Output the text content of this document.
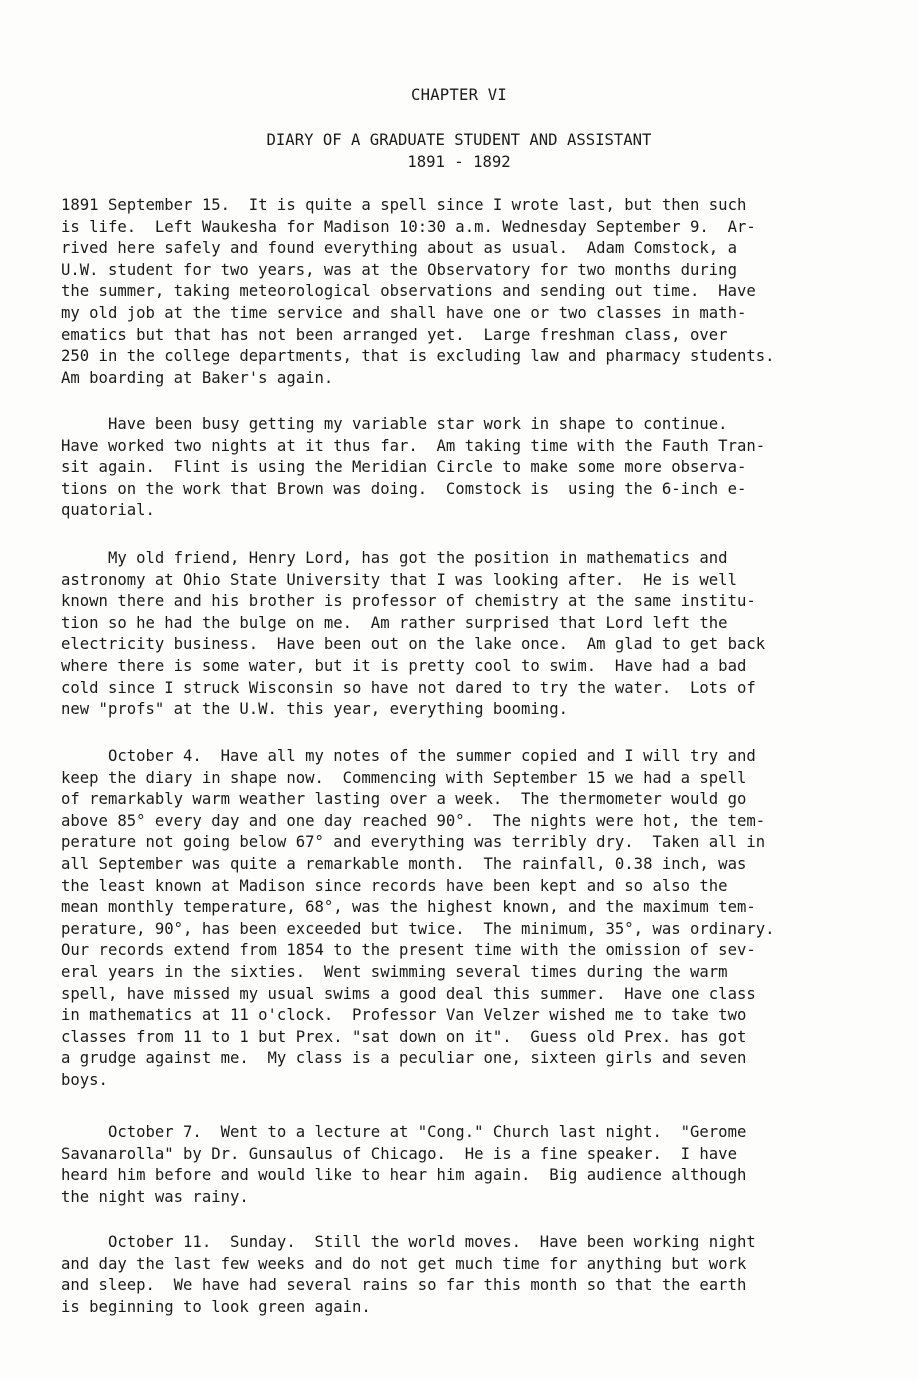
CHAPTER VI
DIARY OF A GRADUATE STUDENT AND ASSISTANT
1891 - 1892
1891 September 15.  It is quite a spell since I wrote last, but then such
is life.  Left Waukesha for Madison 10:30 a.m. Wednesday September 9.  Ar-
rived here safely and found everything about as usual.  Adam Comstock, a
U.W. student for two years, was at the Observatory for two months during
the summer, taking meteorological observations and sending out time.  Have
my old job at the time service and shall have one or two classes in math-
ematics but that has not been arranged yet.  Large freshman class, over
250 in the college departments, that is excluding law and pharmacy students.
Am boarding at Baker's again.
Have been busy getting my variable star work in shape to continue.
Have worked two nights at it thus far.  Am taking time with the Fauth Tran-
sit again.  Flint is using the Meridian Circle to make some more observa-
tions on the work that Brown was doing.  Comstock is  using the 6-inch e-
quatorial.
My old friend, Henry Lord, has got the position in mathematics and
astronomy at Ohio State University that I was looking after.  He is well
known there and his brother is professor of chemistry at the same institu-
tion so he had the bulge on me.  Am rather surprised that Lord left the
electricity business.  Have been out on the lake once.  Am glad to get back
where there is some water, but it is pretty cool to swim.  Have had a bad
cold since I struck Wisconsin so have not dared to try the water.  Lots of
new "profs" at the U.W. this year, everything booming.
October 4.  Have all my notes of the summer copied and I will try and
keep the diary in shape now.  Commencing with September 15 we had a spell
of remarkably warm weather lasting over a week.  The thermometer would go
above 85° every day and one day reached 90°.  The nights were hot, the tem-
perature not going below 67° and everything was terribly dry.  Taken all in
all September was quite a remarkable month.  The rainfall, 0.38 inch, was
the least known at Madison since records have been kept and so also the
mean monthly temperature, 68°, was the highest known, and the maximum tem-
perature, 90°, has been exceeded but twice.  The minimum, 35°, was ordinary.
Our records extend from 1854 to the present time with the omission of sev-
eral years in the sixties.  Went swimming several times during the warm
spell, have missed my usual swims a good deal this summer.  Have one class
in mathematics at 11 o'clock.  Professor Van Velzer wished me to take two
classes from 11 to 1 but Prex. "sat down on it".  Guess old Prex. has got
a grudge against me.  My class is a peculiar one, sixteen girls and seven
boys.
October 7.  Went to a lecture at "Cong." Church last night.  "Gerome
Savanarolla" by Dr. Gunsaulus of Chicago.  He is a fine speaker.  I have
heard him before and would like to hear him again.  Big audience although
the night was rainy.
October 11.  Sunday.  Still the world moves.  Have been working night
and day the last few weeks and do not get much time for anything but work
and sleep.  We have had several rains so far this month so that the earth
is beginning to look green again.
